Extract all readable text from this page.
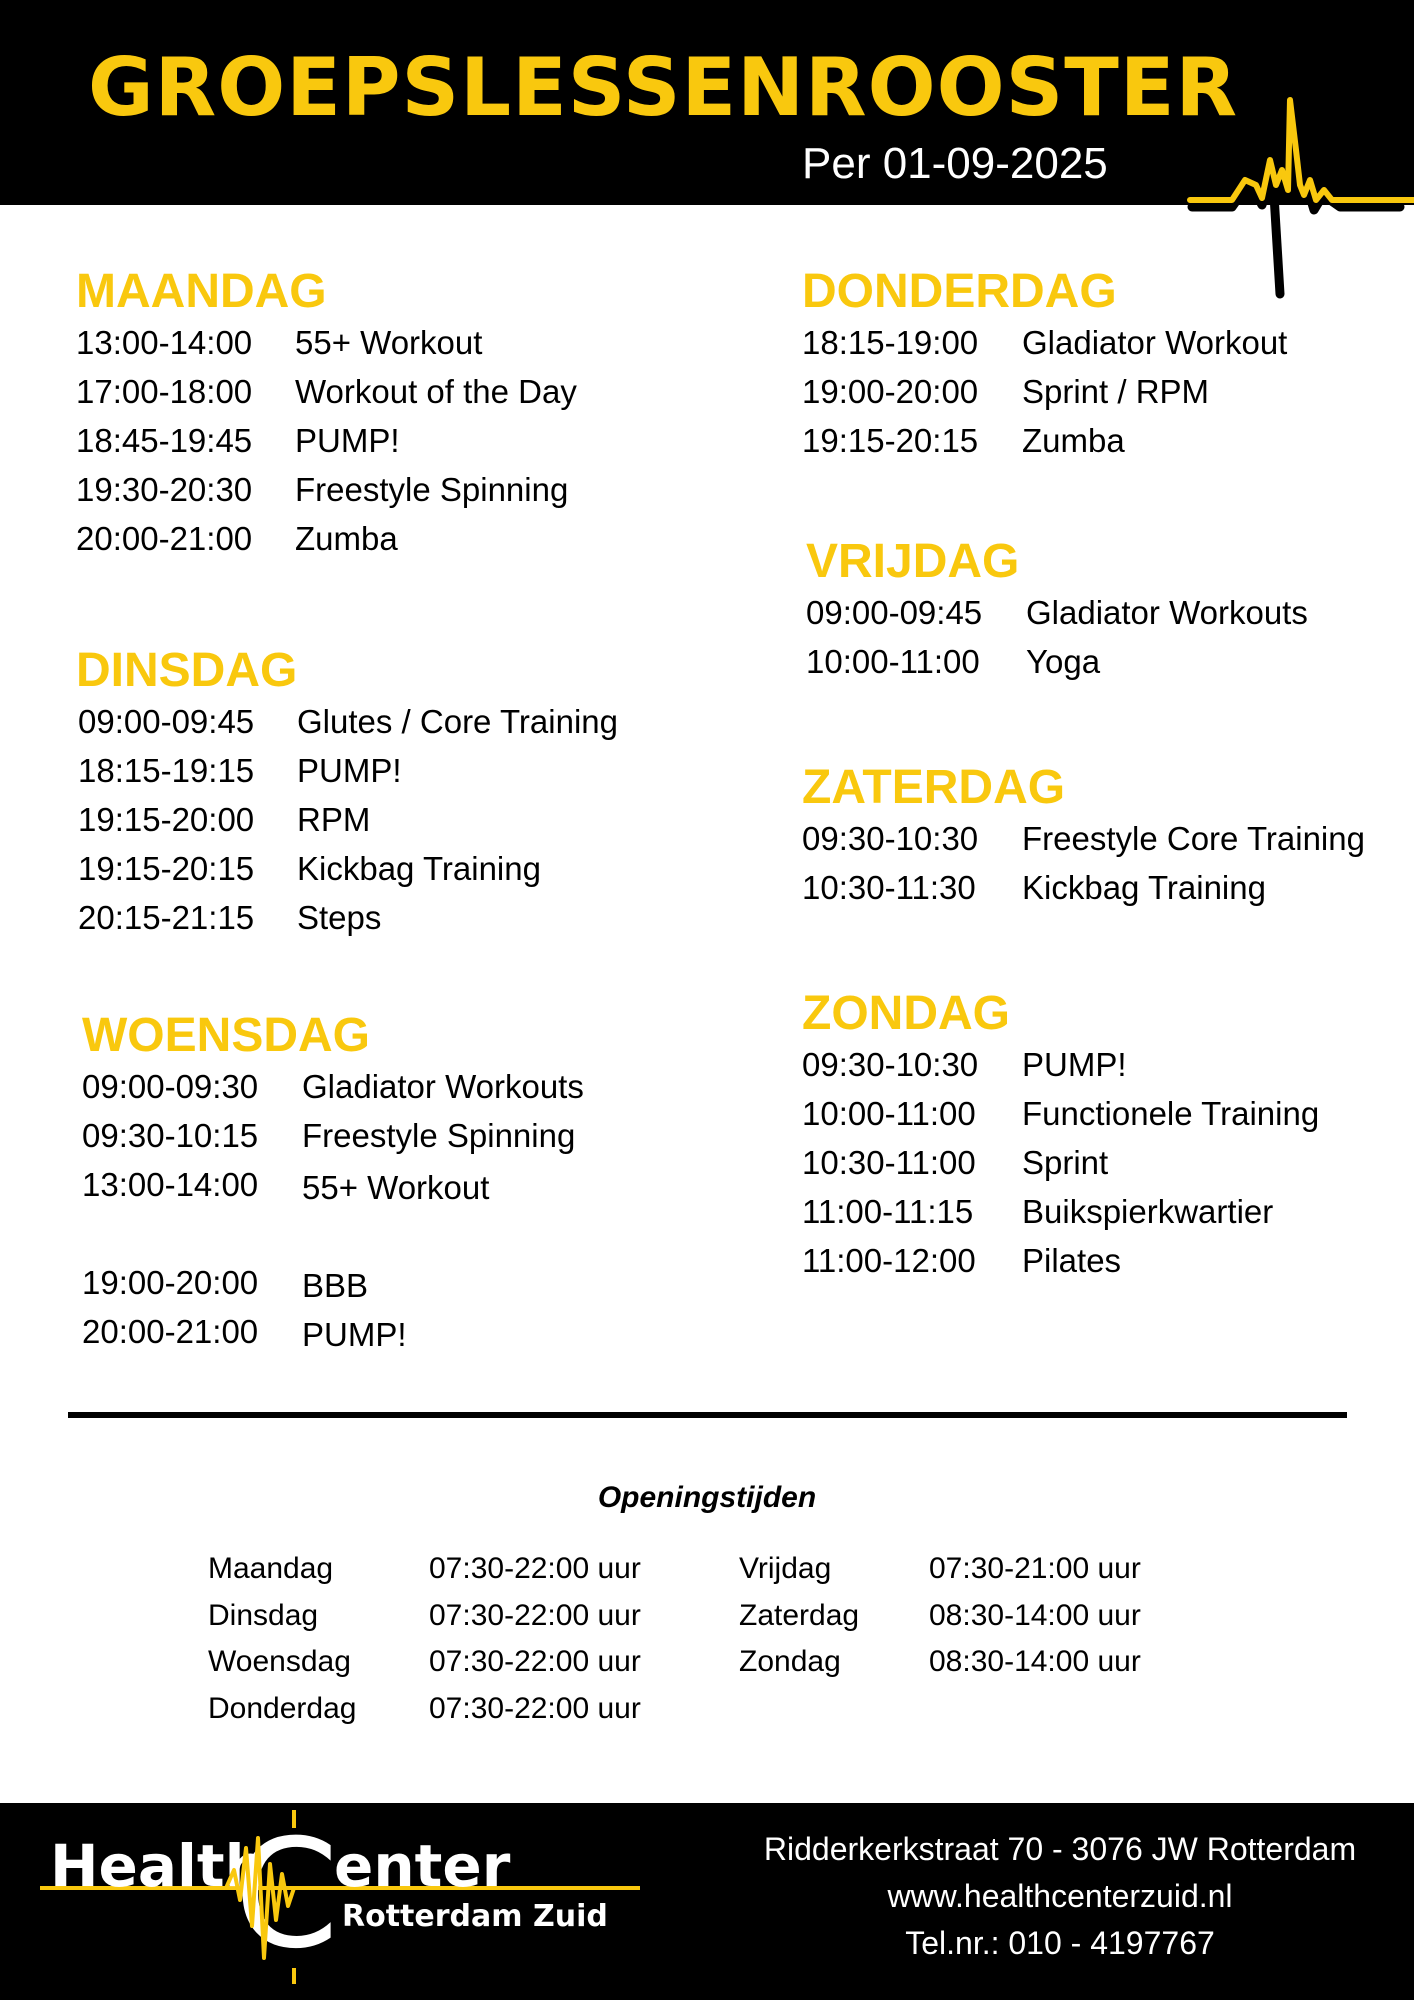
GROEPSLESSENROOSTER
Per 01-09-2025
MAANDAG
13:00-14:00	55+ Workout
17:00-18:00	Workout of the Day
18:45-19:45	PUMP!
19:30-20:30	Freestyle Spinning
20:00-21:00	Zumba
DINSDAG
09:00-09:45	Glutes / Core Training
18:15-19:15	PUMP!
19:15-20:00	RPM
19:15-20:15	Kickbag Training
20:15-21:15	Steps
WOENSDAG
09:00-09:30	Gladiator Workouts
09:30-10:15	Freestyle Spinning
13:00-14:00	55+ Workout
19:00-20:00	BBB
20:00-21:00	PUMP!
DONDERDAG
18:15-19:00	Gladiator Workout
19:00-20:00	Sprint / RPM
19:15-20:15	Zumba
VRIJDAG
09:00-09:45	Gladiator Workouts
10:00-11:00	Yoga
ZATERDAG
09:30-10:30	Freestyle Core Training
10:30-11:30	Kickbag Training
ZONDAG
09:30-10:30	PUMP!
10:00-11:00	Functionele Training
10:30-11:00	Sprint
11:00-11:15	Buikspierkwartier
11:00-12:00	Pilates
Openingstijden
Maandag	07:30-22:00 uur
Dinsdag	07:30-22:00 uur
Woensdag	07:30-22:00 uur
Donderdag	07:30-22:00 uur
Vrijdag	07:30-21:00 uur
Zaterdag	08:30-14:00 uur
Zondag	08:30-14:00 uur
C
Health enter
Rotterdam Zuid
Ridderkerkstraat 70 - 3076 JW Rotterdam
www.healthcenterzuid.nl
Tel.nr.: 010 - 4197767
